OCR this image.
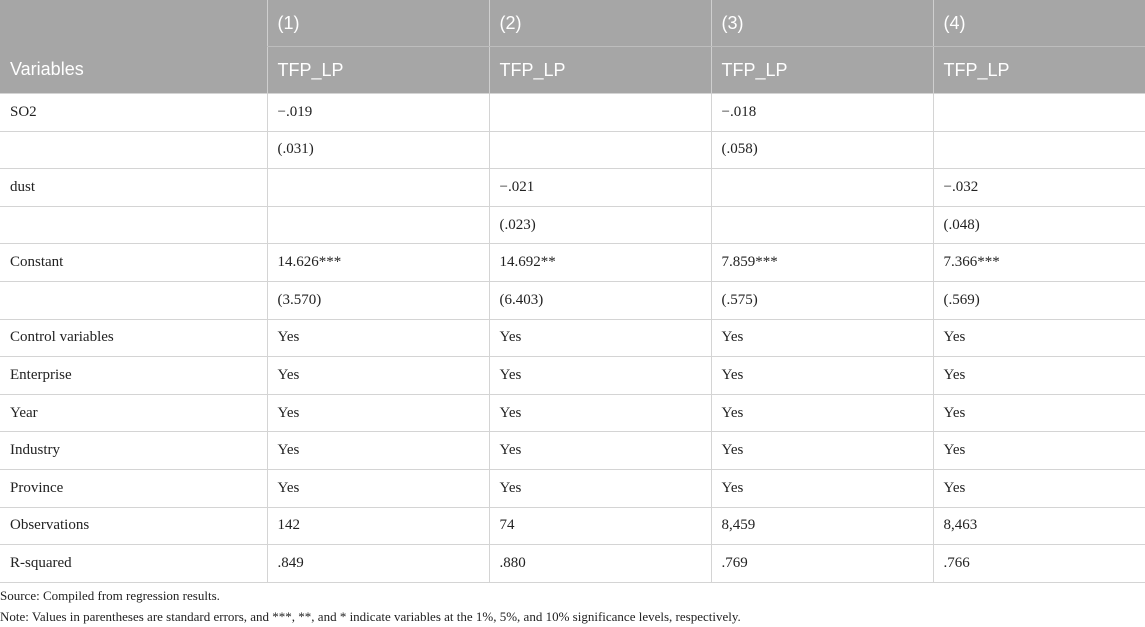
	(1)	(2)	(3)	(4)
Variables	TFP_LP	TFP_LP	TFP_LP	TFP_LP
SO2	−.019		−.018	
	(.031)		(.058)	
dust		−.021		−.032
		(.023)		(.048)
Constant	14.626***	14.692**	7.859***	7.366***
	(3.570)	(6.403)	(.575)	(.569)
Control variables	Yes	Yes	Yes	Yes
Enterprise	Yes	Yes	Yes	Yes
Year	Yes	Yes	Yes	Yes
Industry	Yes	Yes	Yes	Yes
Province	Yes	Yes	Yes	Yes
Observations	142	74	8,459	8,463
R-squared	.849	.880	.769	.766
Source: Compiled from regression results.
Note: Values in parentheses are standard errors, and ***, **, and * indicate variables at the 1%, 5%, and 10% significance levels, respectively.
